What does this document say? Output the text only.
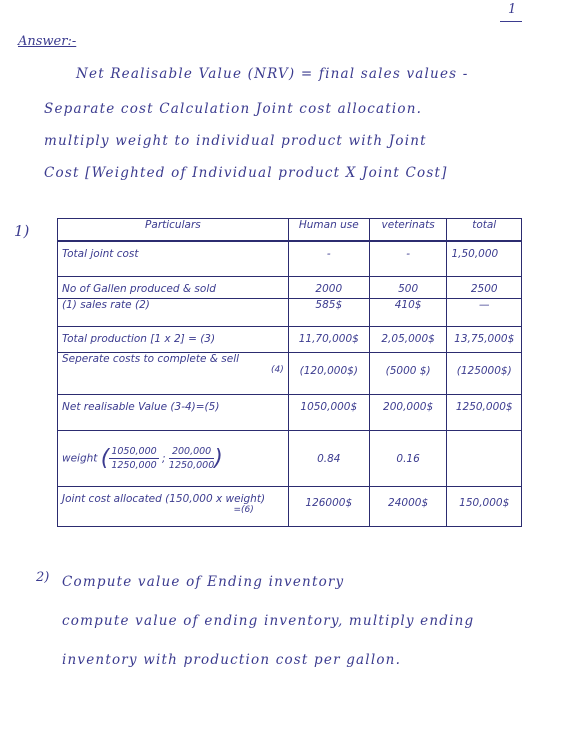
1
Answer:-
Net Realisable Value (NRV) = final sales values -
Separate cost Calculation Joint cost allocation.
multiply weight to individual product with Joint
Cost [Weighted of Individual product X Joint Cost]
1)	Particulars	Human use	veterinats	total
Total joint cost	-	-	1,50,000
No of Gallen produced & sold	2000	500	2500
(1) sales rate (2)	585$	410$	—
Total production [1 x 2] = (3)	11,70,000$	2,05,000$	13,75,000$

Seperate costs to complete & sell
(4)	(120,000$)	(5000 $)	(125000$)
Net realisable Value (3-4)=(5)	1050,000$	200,000$	1250,000$
weight ( $\frac{1050,000}{1250,000}$ ; $\frac{200,000}{1250,000}$)	0.84	0.16	

Joint cost allocated (150,000 x weight)
=(6)	126000$	24000$	150,000$
2) Compute value of Ending inventory
compute value of ending inventory, multiply ending
inventory with production cost per gallon.
